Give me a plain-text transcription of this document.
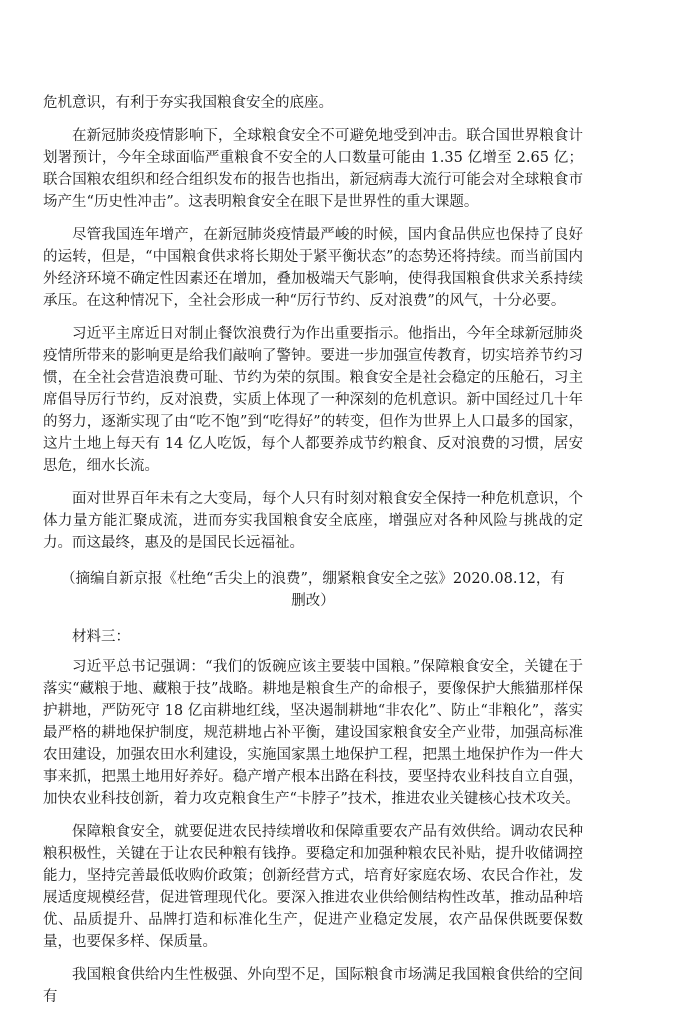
危机意识，有利于夯实我国粮食安全的底座。

在新冠肺炎疫情影响下，全球粮食安全不可避免地受到冲击。联合国世界粮食计划署预计，今年全球面临严重粮食不安全的人口数量可能由 1.35 亿增至 2.65 亿；联合国粮农组织和经合组织发布的报告也指出，新冠病毒大流行可能会对全球粮食市场产生“历史性冲击”。这表明粮食安全在眼下是世界性的重大课题。

尽管我国连年增产，在新冠肺炎疫情最严峻的时候，国内食品供应也保持了良好的运转，但是，“中国粮食供求将长期处于紧平衡状态”的态势还将持续。而当前国内外经济环境不确定性因素还在增加，叠加极端天气影响，使得我国粮食供求关系持续承压。在这种情况下，全社会形成一种“厉行节约、反对浪费”的风气，十分必要。

习近平主席近日对制止餐饮浪费行为作出重要指示。他指出，今年全球新冠肺炎疫情所带来的影响更是给我们敲响了警钟。要进一步加强宣传教育，切实培养节约习惯，在全社会营造浪费可耻、节约为荣的氛围。粮食安全是社会稳定的压舱石，习主席倡导厉行节约，反对浪费，实质上体现了一种深刻的危机意识。新中国经过几十年的努力，逐渐实现了由“吃不饱”到“吃得好”的转变，但作为世界上人口最多的国家，这片土地上每天有 14 亿人吃饭，每个人都要养成节约粮食、反对浪费的习惯，居安思危，细水长流。

面对世界百年未有之大变局，每个人只有时刻对粮食安全保持一种危机意识，个体力量方能汇聚成流，进而夯实我国粮食安全底座，增强应对各种风险与挑战的定力。而这最终，惠及的是国民长远福祉。

（摘编自新京报《杜绝“舌尖上的浪费”，绷紧粮食安全之弦》2020.08.12，有删改）

材料三：

习近平总书记强调：“我们的饭碗应该主要装中国粮。”保障粮食安全，关键在于落实“藏粮于地、藏粮于技”战略。耕地是粮食生产的命根子，要像保护大熊猫那样保护耕地，严防死守 18 亿亩耕地红线，坚决遏制耕地“非农化”、防止“非粮化”，落实最严格的耕地保护制度，规范耕地占补平衡，建设国家粮食安全产业带，加强高标准农田建设，加强农田水利建设，实施国家黑土地保护工程，把黑土地保护作为一件大事来抓，把黑土地用好养好。稳产增产根本出路在科技，要坚持农业科技自立自强，加快农业科技创新，着力攻克粮食生产“卡脖子”技术，推进农业关键核心技术攻关。

保障粮食安全，就要促进农民持续增收和保障重要农产品有效供给。调动农民种粮积极性，关键在于让农民种粮有钱挣。要稳定和加强种粮农民补贴，提升收储调控能力，坚持完善最低收购价政策；创新经营方式，培育好家庭农场、农民合作社，发展适度规模经营，促进管理现代化。要深入推进农业供给侧结构性改革，推动品种培优、品质提升、品牌打造和标准化生产，促进产业稳定发展，农产品保供既要保数量，也要保多样、保质量。

我国粮食供给内生性极强、外向型不足，国际粮食市场满足我国粮食供给的空间有
